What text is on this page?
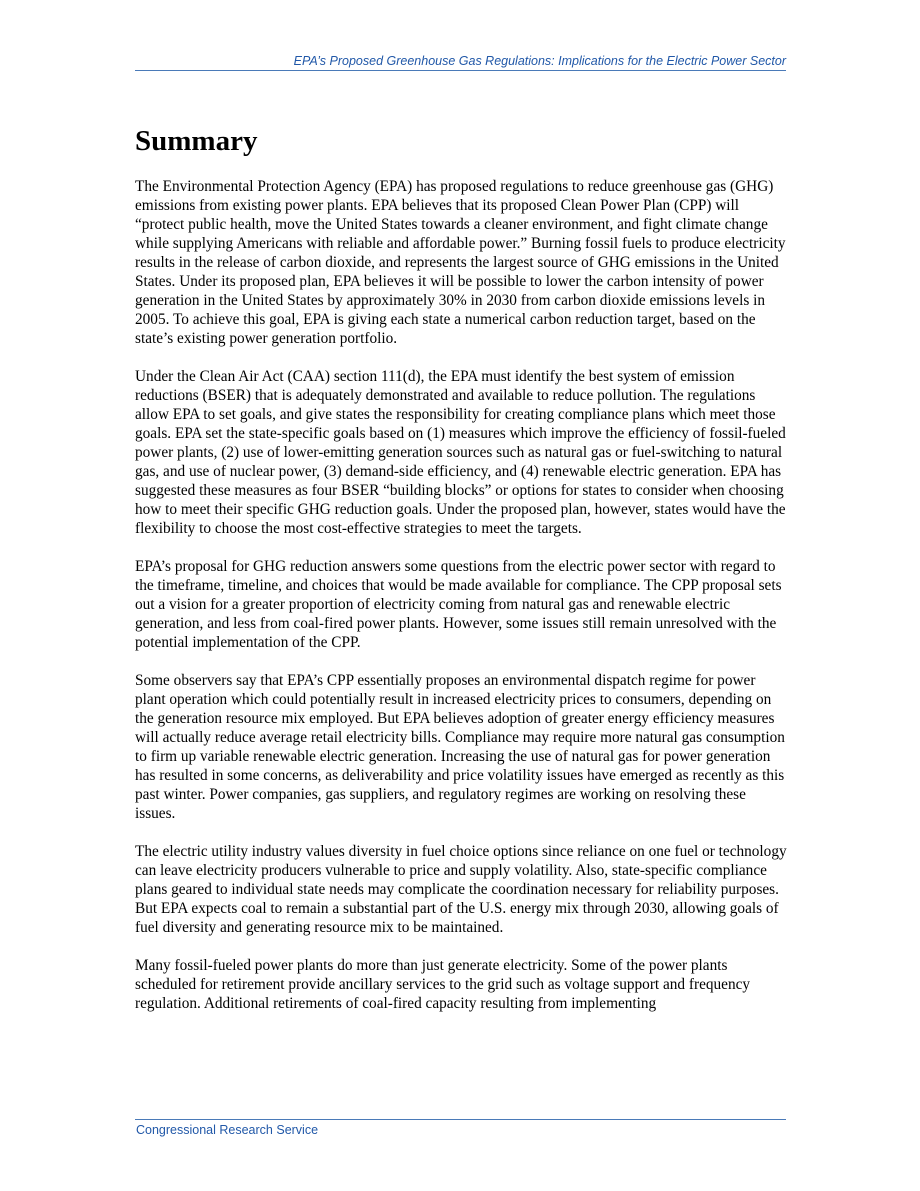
EPA’s Proposed Greenhouse Gas Regulations: Implications for the Electric Power Sector
Summary

The Environmental Protection Agency (EPA) has proposed regulations to reduce greenhouse gas (GHG) emissions from existing power plants. EPA believes that its proposed Clean Power Plan (CPP) will “protect public health, move the United States towards a cleaner environment, and fight climate change while supplying Americans with reliable and affordable power.” Burning fossil fuels to produce electricity results in the release of carbon dioxide, and represents the largest source of GHG emissions in the United States. Under its proposed plan, EPA believes it will be possible to lower the carbon intensity of power generation in the United States by approximately 30% in 2030 from carbon dioxide emissions levels in 2005. To achieve this goal, EPA is giving each state a numerical carbon reduction target, based on the state’s existing power generation portfolio.

Under the Clean Air Act (CAA) section 111(d), the EPA must identify the best system of emission reductions (BSER) that is adequately demonstrated and available to reduce pollution. The regulations allow EPA to set goals, and give states the responsibility for creating compliance plans which meet those goals. EPA set the state-specific goals based on (1) measures which improve the efficiency of fossil-fueled power plants, (2) use of lower-emitting generation sources such as natural gas or fuel-switching to natural gas, and use of nuclear power, (3) demand-side efficiency, and (4) renewable electric generation. EPA has suggested these measures as four BSER “building blocks” or options for states to consider when choosing how to meet their specific GHG reduction goals. Under the proposed plan, however, states would have the flexibility to choose the most cost-effective strategies to meet the targets.

EPA’s proposal for GHG reduction answers some questions from the electric power sector with regard to the timeframe, timeline, and choices that would be made available for compliance. The CPP proposal sets out a vision for a greater proportion of electricity coming from natural gas and renewable electric generation, and less from coal-fired power plants. However, some issues still remain unresolved with the potential implementation of the CPP.

Some observers say that EPA’s CPP essentially proposes an environmental dispatch regime for power plant operation which could potentially result in increased electricity prices to consumers, depending on the generation resource mix employed. But EPA believes adoption of greater energy efficiency measures will actually reduce average retail electricity bills. Compliance may require more natural gas consumption to firm up variable renewable electric generation. Increasing the use of natural gas for power generation has resulted in some concerns, as deliverability and price volatility issues have emerged as recently as this past winter. Power companies, gas suppliers, and regulatory regimes are working on resolving these issues.

The electric utility industry values diversity in fuel choice options since reliance on one fuel or technology can leave electricity producers vulnerable to price and supply volatility. Also, state-specific compliance plans geared to individual state needs may complicate the coordination necessary for reliability purposes. But EPA expects coal to remain a substantial part of the U.S. energy mix through 2030, allowing goals of fuel diversity and generating resource mix to be maintained.

Many fossil-fueled power plants do more than just generate electricity. Some of the power plants scheduled for retirement provide ancillary services to the grid such as voltage support and frequency regulation. Additional retirements of coal-fired capacity resulting from implementing

Congressional Research Service
